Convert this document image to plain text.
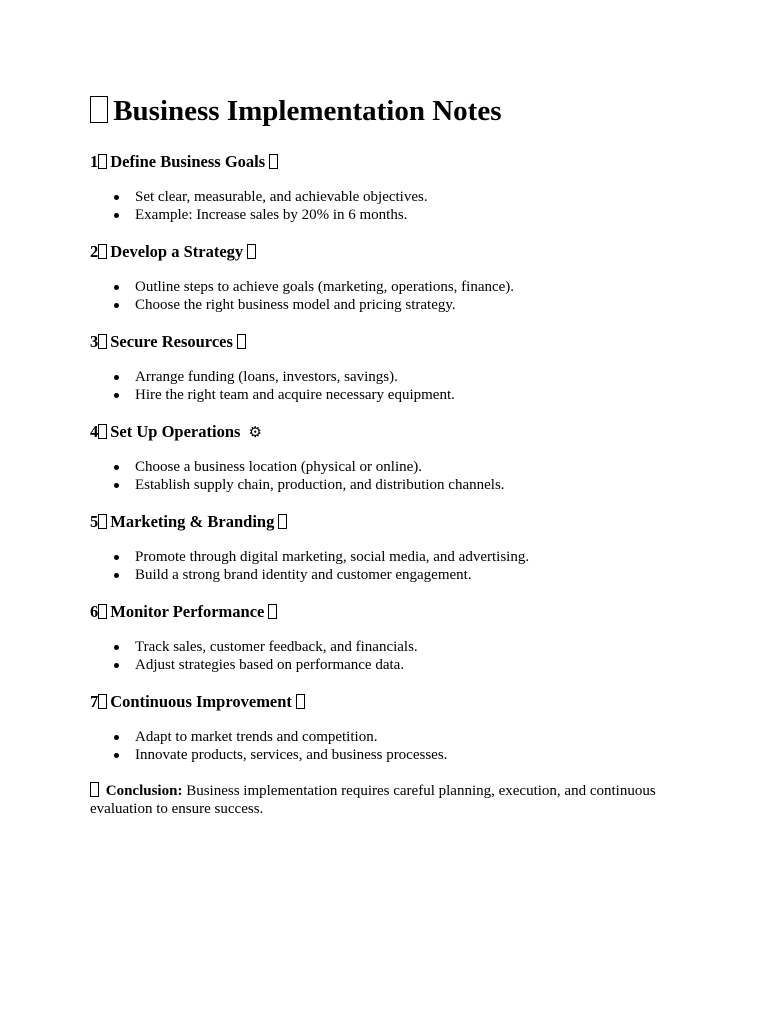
Business Implementation Notes
1 Define Business Goals
Set clear, measurable, and achievable objectives.
Example: Increase sales by 20% in 6 months.
2 Develop a Strategy
Outline steps to achieve goals (marketing, operations, finance).
Choose the right business model and pricing strategy.
3 Secure Resources
Arrange funding (loans, investors, savings).
Hire the right team and acquire necessary equipment.
4 Set Up Operations ⚙
Choose a business location (physical or online).
Establish supply chain, production, and distribution channels.
5 Marketing & Branding
Promote through digital marketing, social media, and advertising.
Build a strong brand identity and customer engagement.
6 Monitor Performance
Track sales, customer feedback, and financials.
Adjust strategies based on performance data.
7 Continuous Improvement
Adapt to market trends and competition.
Innovate products, services, and business processes.

Conclusion: Business implementation requires careful planning, execution, and continuous evaluation to ensure success.
